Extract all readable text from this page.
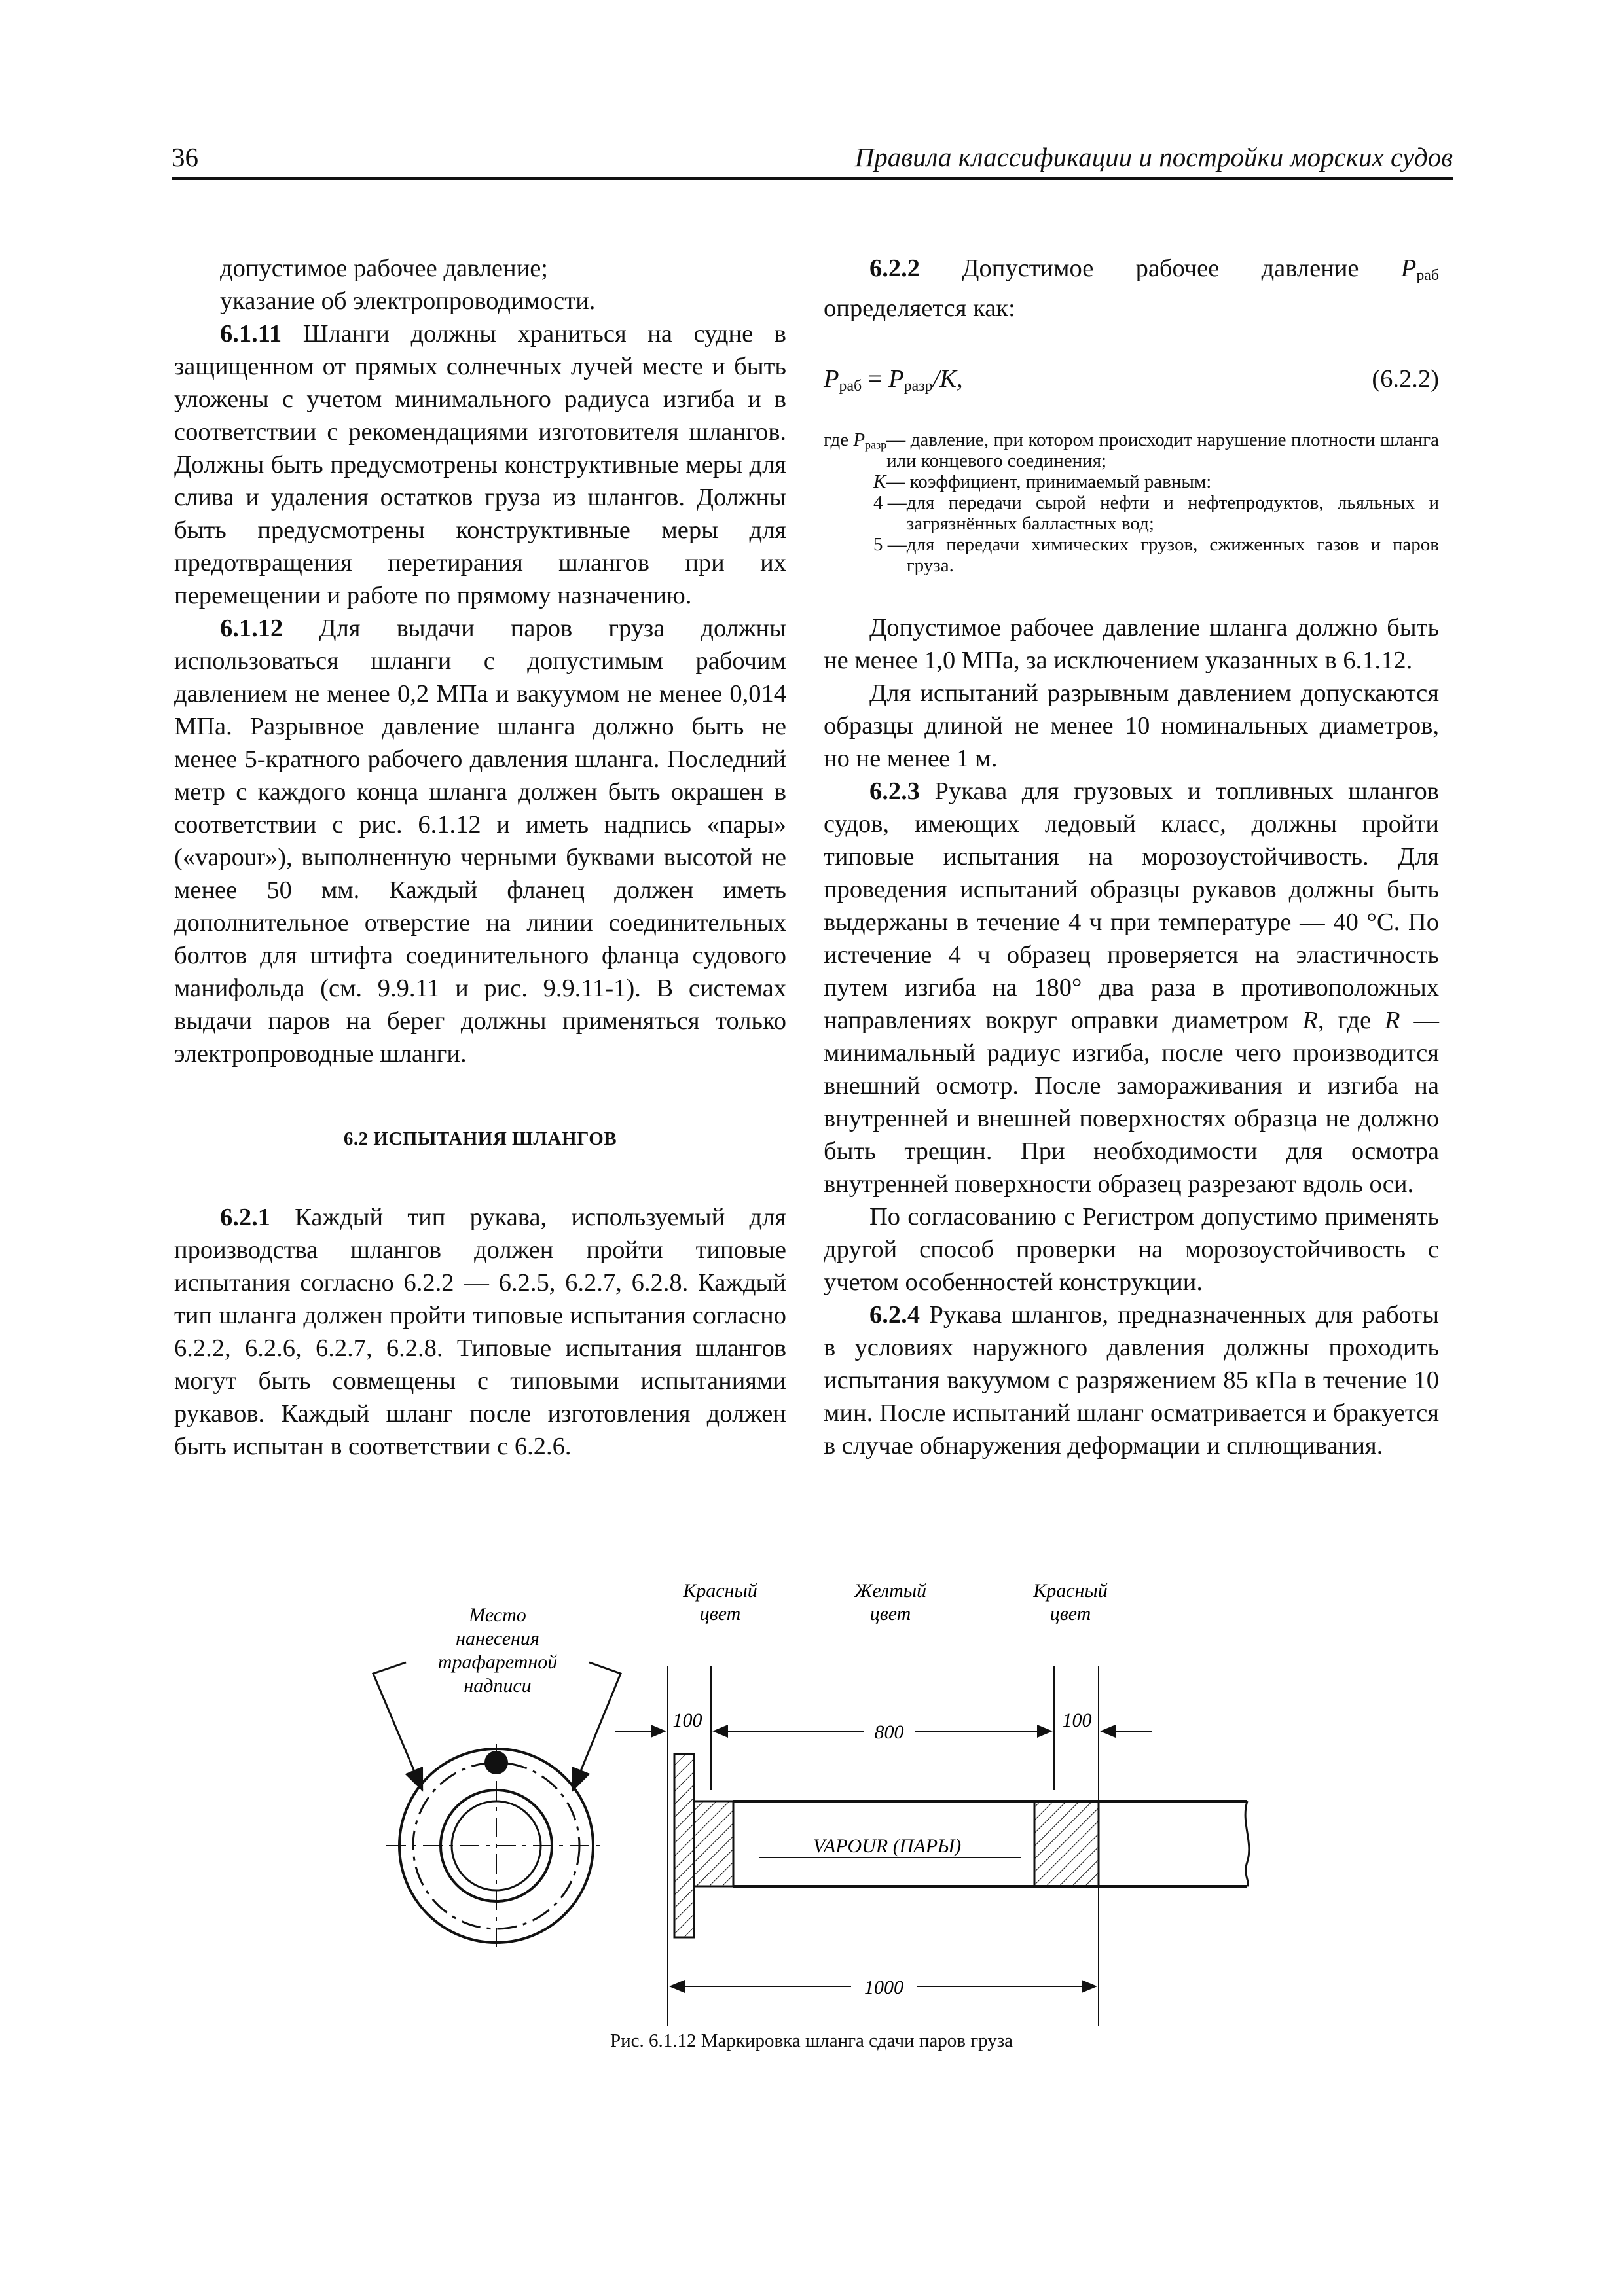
36	Правила классификации и постройки морских судов

допустимое рабочее давление;

указание об электропроводимости.

6.1.11 Шланги должны храниться на судне в защищенном от прямых солнечных лучей месте и быть уложены с учетом минимального радиуса изгиба и в соответствии с рекомендациями изготовителя шлангов. Должны быть предусмотрены конструктивные меры для слива и удаления остатков груза из шлангов. Должны быть предусмотрены конструктивные меры для предотвращения перетирания шлангов при их перемещении и работе по прямому назначению.

6.1.12 Для выдачи паров груза должны использоваться шланги с допустимым рабочим давлением не менее 0,2 МПа и вакуумом не менее 0,014 МПа. Разрывное давление шланга должно быть не менее 5-кратного рабочего давления шланга. Последний метр с каждого конца шланга должен быть окрашен в соответствии с рис. 6.1.12 и иметь надпись «пары» («vapour»), выполненную черными буквами высотой не менее 50 мм. Каждый фланец должен иметь дополнительное отверстие на линии соединительных болтов для штифта соединительного фланца судового манифольда (см. 9.9.11 и рис. 9.9.11-1). В системах выдачи паров на берег должны применяться только электропроводные шланги.

6.2 ИСПЫТАНИЯ ШЛАНГОВ

6.2.1 Каждый тип рукава, используемый для производства шлангов должен пройти типовые испытания согласно 6.2.2 — 6.2.5, 6.2.7, 6.2.8. Каждый тип шланга должен пройти типовые испытания согласно 6.2.2, 6.2.6, 6.2.7, 6.2.8. Типовые испытания шлангов могут быть совмещены с типовыми испытаниями рукавов. Каждый шланг после изготовления должен быть испытан в соответствии с 6.2.6.

6.2.2 Допустимое рабочее давление $P_{раб}$ определяется как:

$P_{раб} = P_{разр}/K$,	(6.2.2)
где $P_{разр}$ — давление, при котором происходит нарушение плотности шланга или концевого соединения;
K — коэффициент, принимаемый равным:
4 — для передачи сырой нефти и нефтепродуктов, льяльных и загрязнённых балластных вод;
5 — для передачи химических грузов, сжиженных газов и паров груза.

Допустимое рабочее давление шланга должно быть не менее 1,0 МПа, за исключением указанных в 6.1.12.

Для испытаний разрывным давлением допускаются образцы длиной не менее 10 номинальных диаметров, но не менее 1 м.

6.2.3 Рукава для грузовых и топливных шлангов судов, имеющих ледовый класс, должны пройти типовые испытания на морозоустойчивость. Для проведения испытаний образцы рукавов должны быть выдержаны в течение 4 ч при температуре — 40 °С. По истечение 4 ч образец проверяется на эластичность путем изгиба на 180° два раза в противоположных направлениях вокруг оправки диаметром R, где R — минимальный радиус изгиба, после чего производится внешний осмотр. После замораживания и изгиба на внутренней и внешней поверхностях образца не должно быть трещин. При необходимости для осмотра внутренней поверхности образец разрезают вдоль оси.

По согласованию с Регистром допустимо применять другой способ проверки на морозоустойчивость с учетом особенностей конструкции.

6.2.4 Рукава шлангов, предназначенных для работы в условиях наружного давления должны проходить испытания вакуумом с разряжением 85 кПа в течение 10 мин. После испытаний шланг осматривается и бракуется в случае обнаружения деформации и сплющивания.

Место
нанесения
трафаретной
надписи
Красный
цвет
Желтый
цвет
Красный
цвет
100
800
100
VAPOUR (ПАРЫ)
1000
Рис. 6.1.12 Маркировка шланга сдачи паров груза
